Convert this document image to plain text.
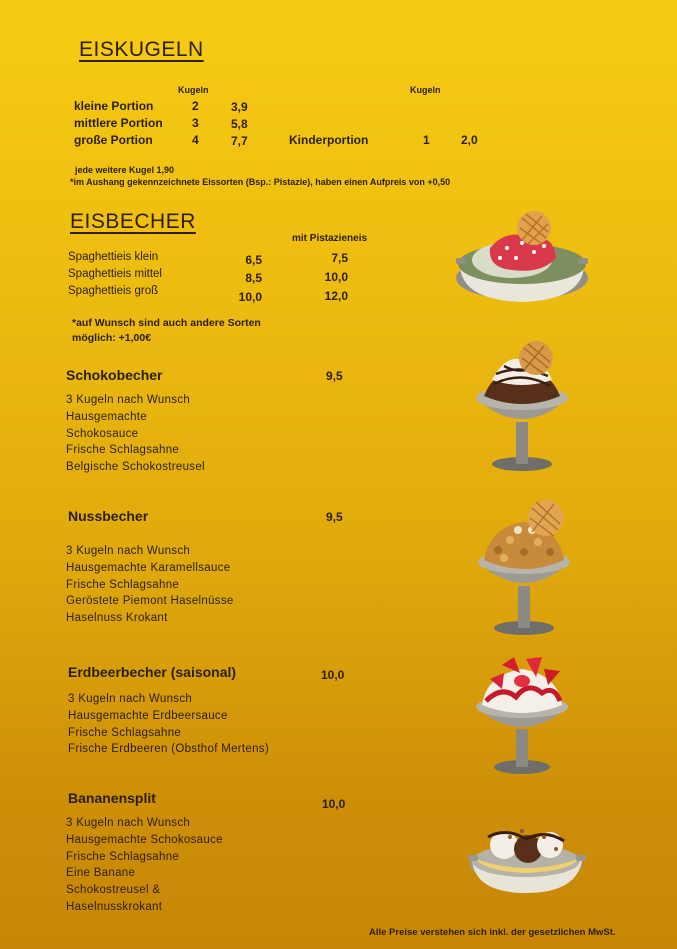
EISKUGELN
Kugeln	Kugeln
kleine Portion	2	3,9
mittlere Portion 3	5,8
große Portion	4	7,7	Kinderportion	1	2,0
jede weitere Kugel 1,90
*im Aushang gekennzeichnete Eissorten (Bsp.: Pistazie), haben einen Aufpreis von +0,50
EISBECHER
mit Pistazieneis
Spaghettieis klein	6,5	7,5
Spaghettieis mittel	8,5	10,0
Spaghettieis groß	10,0	12,0
*auf Wunsch sind auch andere Sorten
möglich: +1,00€
Schokobecher	9,5
3 Kugeln nach Wunsch
Hausgemachte
Schokosauce
Frische Schlagsahne
Belgische Schokostreusel
Nussbecher	9,5
3 Kugeln nach Wunsch
Hausgemachte Karamellsauce
Frische Schlagsahne
Geröstete Piemont Haselnüsse
Haselnuss Krokant
Erdbeerbecher (saisonal)	10,0
3 Kugeln nach Wunsch
Hausgemachte Erdbeersauce
Frische Schlagsahne
Frische Erdbeeren (Obsthof Mertens)
Bananensplit	10,0
3 Kugeln nach Wunsch
Hausgemachte Schokosauce
Frische Schlagsahne
Eine Banane
Schokostreusel &
Haselnusskrokant
Alle Preise verstehen sich inkl. der gesetzlichen MwSt.
